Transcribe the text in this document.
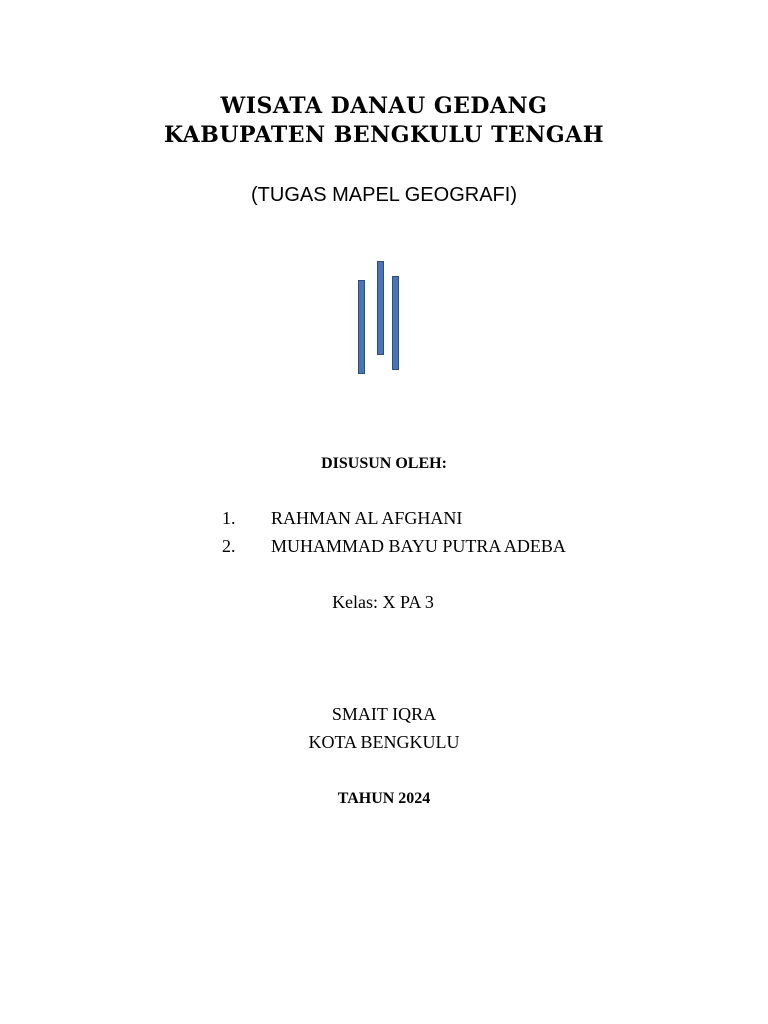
WISATA DANAU GEDANG
KABUPATEN BENGKULU TENGAH
(TUGAS MAPEL GEOGRAFI)
DISUSUN OLEH:
1. RAHMAN AL AFGHANI
2. MUHAMMAD BAYU PUTRA ADEBA
Kelas: X PA 3
SMAIT IQRA
KOTA BENGKULU
TAHUN 2024
